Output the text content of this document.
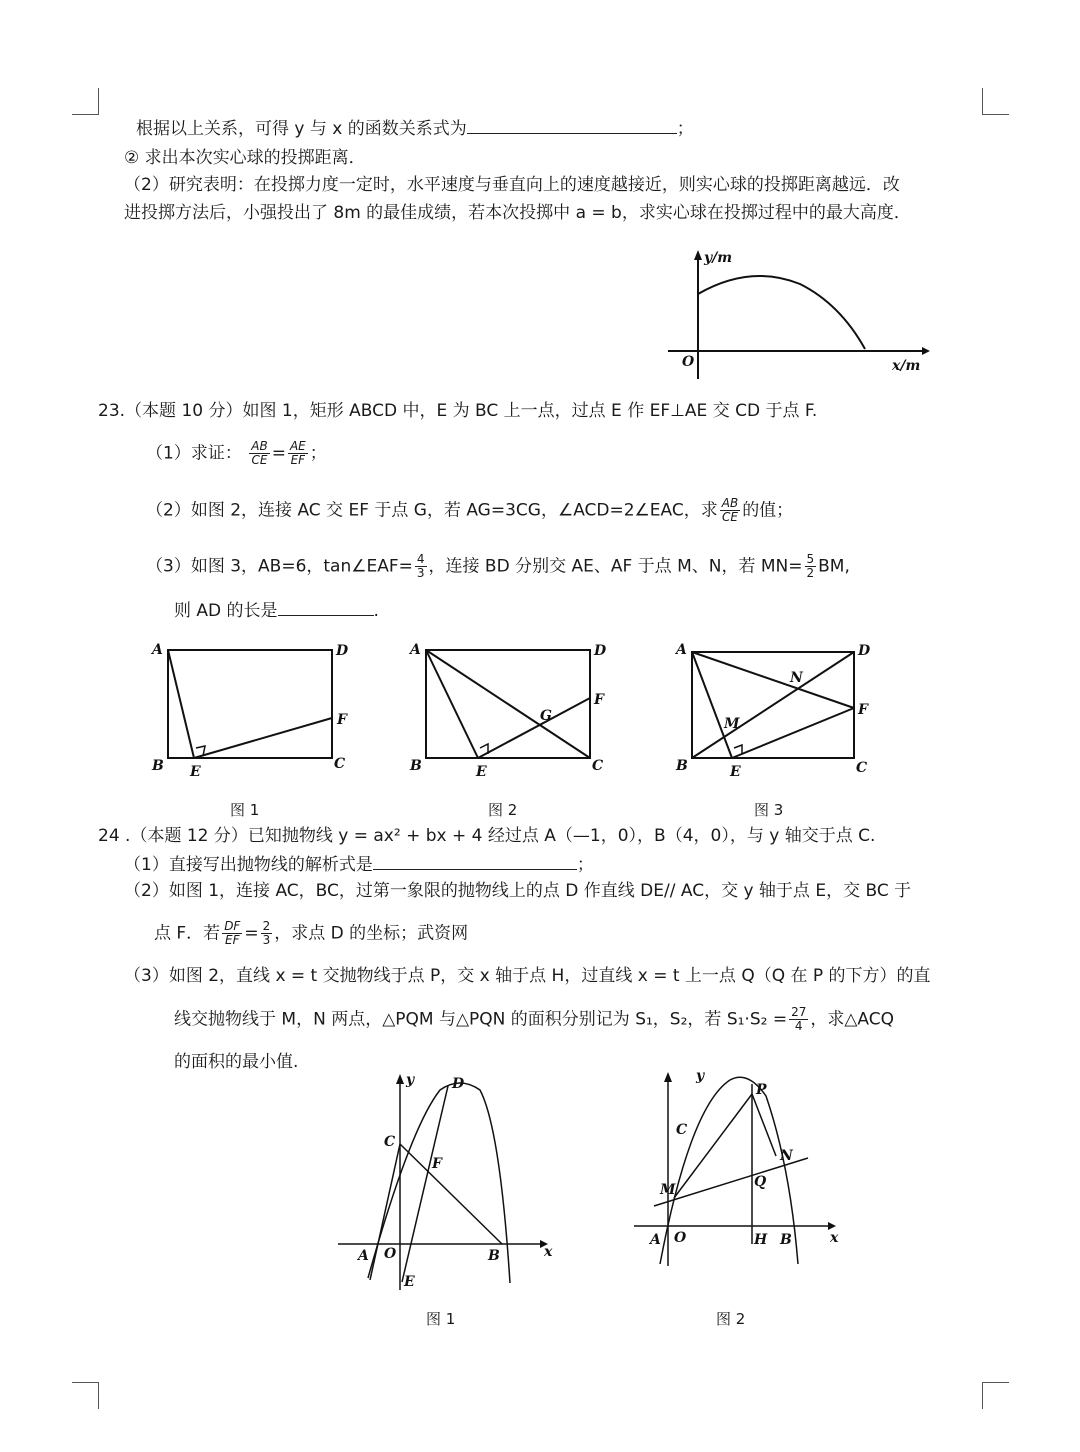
根据以上关系，可得 y 与 x 的函数关系式为	；
② 求出本次实心球的投掷距离．
（2）研究表明：在投掷力度一定时，水平速度与垂直向上的速度越接近，则实心球的投掷距离越远．改
进投掷方法后，小强投出了 8m 的最佳成绩，若本次投掷中 a = b，求实心球在投掷过程中的最大高度．
y/m
O	x/m
23.（本题 10 分）如图 1，矩形 ABCD 中，E 为 BC 上一点，过点 E 作 EF⊥AE 交 CD 于点 F.
（1）求证： $\frac{AB}{CE} = \frac{AE}{EF}$ ；
（2）如图 2，连接 AC 交 EF 于点 G，若 AG=3CG，∠ACD=2∠EAC，求 $\frac{AB}{CE}$ 的值；
（3）如图 3，AB=6，tan∠EAF= $\frac{4}{3}$ ，连接 BD 分别交 AE、AF 于点 M、N，若 $MN= \frac{5}{2}$ BM,
则 AD 的长是	.
A	D
B E	C
F
图 1
A	D
B	E	C
F
G
图 2
A	D
B	E	C
F
N
M
图 3
24 .（本题 12 分）已知抛物线 y = ax² + bx + 4 经过点 A（—1，0），B（4，0），与 y 轴交于点 C.
（1）直接写出抛物线的解析式是	；
（2）如图 1，连接 AC，BC，过第一象限的抛物线上的点 D 作直线 DE// AC，交 y 轴于点 E，交 BC 于
点 F．若 $\frac{DF}{EF} = \frac{2}{3}$ ，求点 D 的坐标；武资网
（3）如图 2，直线 x = t 交抛物线于点 P，交 x 轴于点 H，过直线 x = t 上一点 Q（Q 在 P 的下方）的直
线交抛物线于 M，N 两点，△PQM 与△PQN 的面积分别记为 S₁，S₂，若 $S_1\cdot S_2 = \frac{27}{4}$ ，求△ACQ
的面积的最小值.
y
x
D
C
F
A O	B
E
图 1
y
x
P
C
N
Q
M
A O	H B
图 2
